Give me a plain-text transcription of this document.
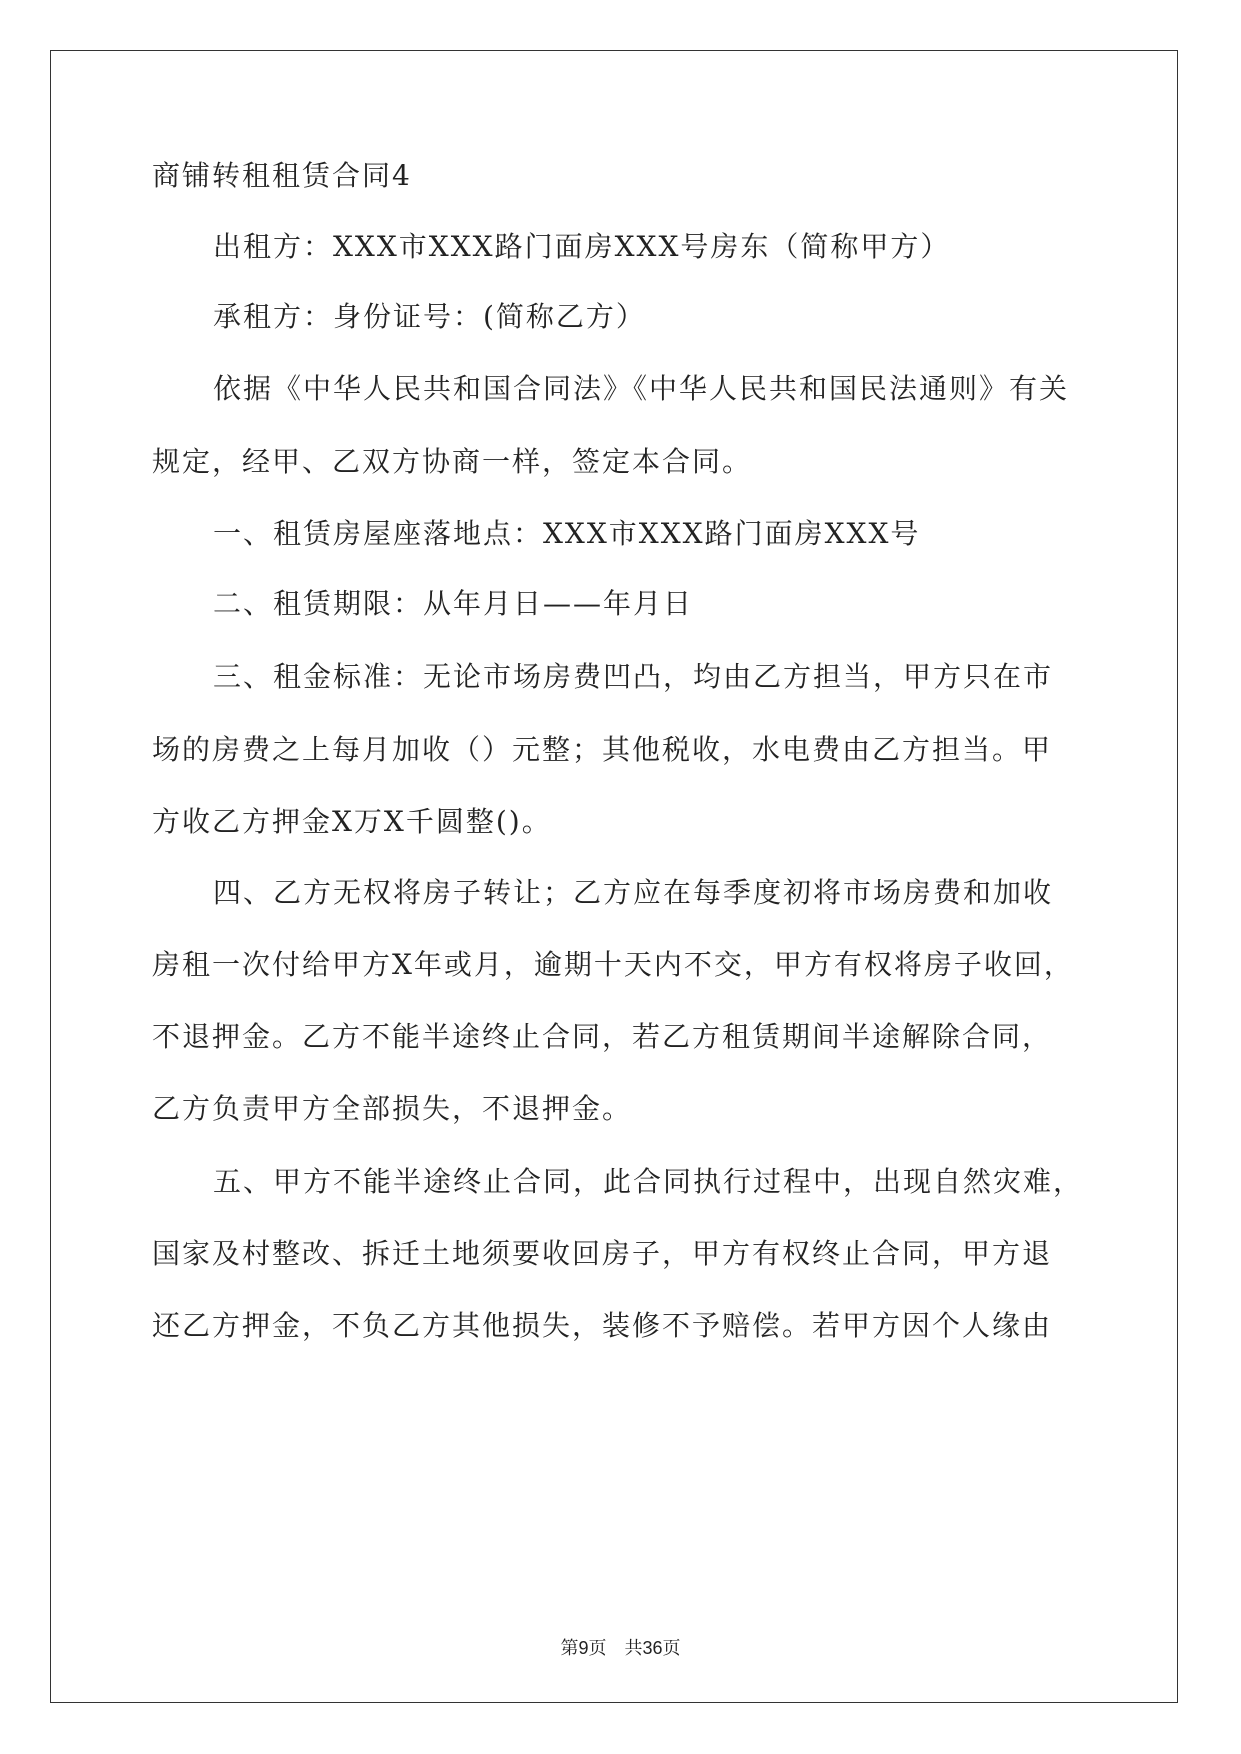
商铺转租租赁合同4
出租方：XXX市XXX路门面房XXX号房东（简称甲方）
承租方：身份证号：(简称乙方）
依据《中华人民共和国合同法》《中华人民共和国民法通则》有关
规定，经甲、乙双方协商一样，签定本合同。
一、租赁房屋座落地点：XXX市XXX路门面房XXX号
二、租赁期限：从年月日——年月日
三、租金标准：无论市场房费凹凸，均由乙方担当，甲方只在市
场的房费之上每月加收（）元整；其他税收，水电费由乙方担当。甲
方收乙方押金X万X千圆整()。
四、乙方无权将房子转让；乙方应在每季度初将市场房费和加收
房租一次付给甲方X年或月，逾期十天内不交，甲方有权将房子收回，
不退押金。乙方不能半途终止合同，若乙方租赁期间半途解除合同，
乙方负责甲方全部损失，不退押金。
五、甲方不能半途终止合同，此合同执行过程中，出现自然灾难，
国家及村整改、拆迁土地须要收回房子，甲方有权终止合同，甲方退
还乙方押金，不负乙方其他损失，装修不予赔偿。若甲方因个人缘由
第9页　共36页
